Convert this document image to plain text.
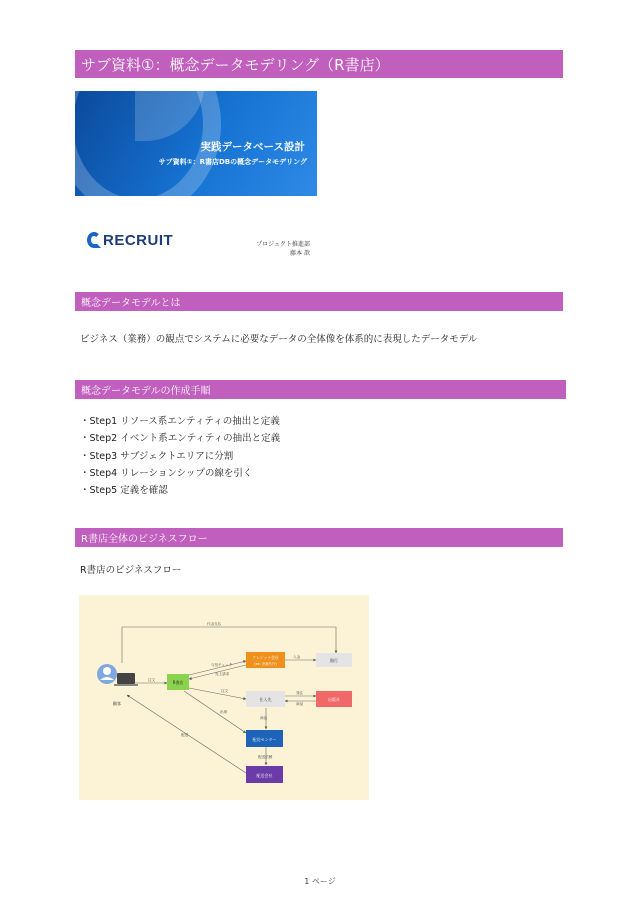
サブ資料①：概念データモデリング（R書店）
実践データベース設計
サブ資料①：R書店DBの概念データモデリング
RECRUIT	プロジェクト推進部
藤本 歆
概念データモデルとは
ビジネス（業務）の観点でシステムに必要なデータの全体像を体系的に表現したデータモデル
概念データモデルの作成手順
・Step1 リソース系エンティティの抽出と定義
・Step2 イベント系エンティティの抽出と定義
・Step3 サブジェクトエリアに分割
・Step4 リレーションシップの線を引く
・Step5 定義を確認
R書店全体のビジネスフロー
R書店のビジネスフロー
代金支払
注文
与信チェック
売上請求
入金
注文	発注
商品
商品
出荷
配送依頼
配送
顧客
R書店
クレジット会社
(ex: 決裁代行)
銀行
仕入先	出版社
配送センター
配送会社
1 ページ
